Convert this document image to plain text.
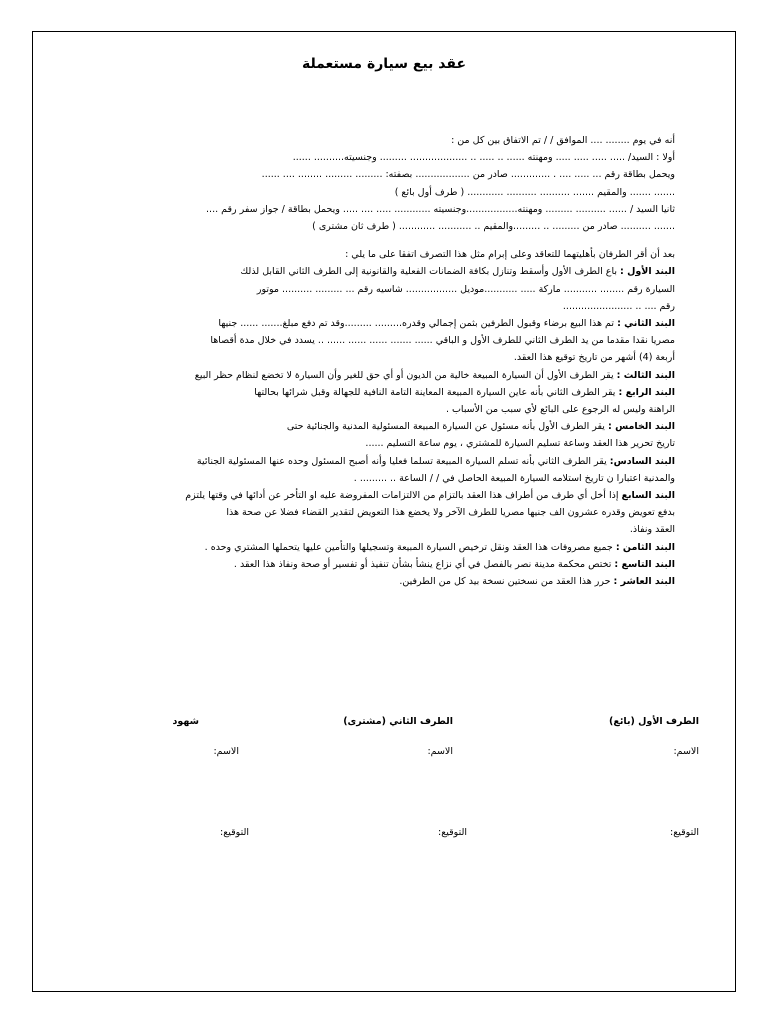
عقد بيع سيارة مستعملة
أنه في يوم ........ .... الموافق / / تم الاتفاق بين كل من :
أولا : السيد/ ..... ..... ..... ..... ومهنته ...... .. ..... .. ................... ......... وجنسيته.......... ......
ويحمل بطاقة رقم ... ..... .... . ............. صادر من .................. بصفته: ......... ......... ........ .... ......
....... ....... والمقيم ....... .......... .......... ............ ( طرف أول بائع )
ثانيا السيد / ...... .......... ......... ومهنته.................وجنسيته ............ ..... .... ..... ويحمل بطاقة / جواز سفر رقم ....
....... .......... صادر من ......... .. .........والمقيم .. ........... ............ ( طرف ثان مشترى )
بعد أن أقر الطرفان بأهليتهما للتعاقد وعلى إبرام مثل هذا التصرف اتفقا على ما يلي :
البند الأول : باع الطرف الأول وأسقط وتنازل بكافة الضمانات الفعلية والقانونية إلى الطرف الثاني القابل لذلك
السيارة رقم ........ ........... ماركة ..... ...........موديل ................. شاسيه رقم ... ......... .......... موتور
رقم .... .. .......................
البند الثاني : تم هذا البيع برضاء وقبول الطرفين بثمن إجمالي وقدره......... .........وقد تم دفع مبلغ....... ...... جنيها
مصريا نقدا مقدما من يد الطرف الثاني للطرف الأول و الباقي ...... ....... ...... ...... ...... .. يسدد في خلال مدة أقصاها
أربعة (4) أشهر من تاريخ توقيع هذا العقد.
البند الثالث : يقر الطرف الأول أن السيارة المبيعة خالية من الديون أو أي حق للغير وأن السيارة لا تخضع لنظام حظر البيع
البند الرابع : يقر الطرف الثاني بأنه عاين السيارة المبيعة المعاينة التامة النافية للجهالة وقبل شرائها بحالتها
الراهنة وليس له الرجوع على البائع لأي سبب من الأسباب .
البند الخامس : يقر الطرف الأول بأنه مسئول عن السيارة المبيعة المسئولية المدنية والجنائية حتى
تاريخ تحرير هذا العقد وساعة تسليم السيارة للمشتري ، يوم ساعة التسليم ......
البند السادس: يقر الطرف الثاني بأنه تسلم السيارة المبيعة تسلما فعليا وأنه أصبح المسئول وحده عنها المسئولية الجنائية
والمدنية اعتبارا ن تاريخ استلامه السيارة المبيعة الحاصل في / / الساعة .. ......... .
البند السابع إذا أخل أي طرف من أطراف هذا العقد بالتزام من الالتزامات المفروضة عليه او التأخر عن أدائها في وقتها يلتزم
بدفع تعويض وقدره عشرون الف جنيها مصريا للطرف الآخر ولا يخضع هذا التعويض لتقدير القضاء فضلا عن صحة هذا
العقد ونفاذ.
البند الثامن : جميع مصروفات هذا العقد ونقل ترخيص السيارة المبيعة وتسجيلها والتأمين عليها يتحملها المشتري وحده .
البند التاسع : تختص محكمة مدينة نصر بالفصل في أي نزاع ينشأ بشأن تنفيذ أو تفسير أو صحة ونفاذ هذا العقد .
البند العاشر : حرر هذا العقد من نسختين نسخة بيد كل من الطرفين.
الطرف الأول (بائع)
الطرف الثاني (مشترى)
شهود
الاسم:
الاسم:
الاسم:
التوقيع:
التوقيع:
التوقيع:
